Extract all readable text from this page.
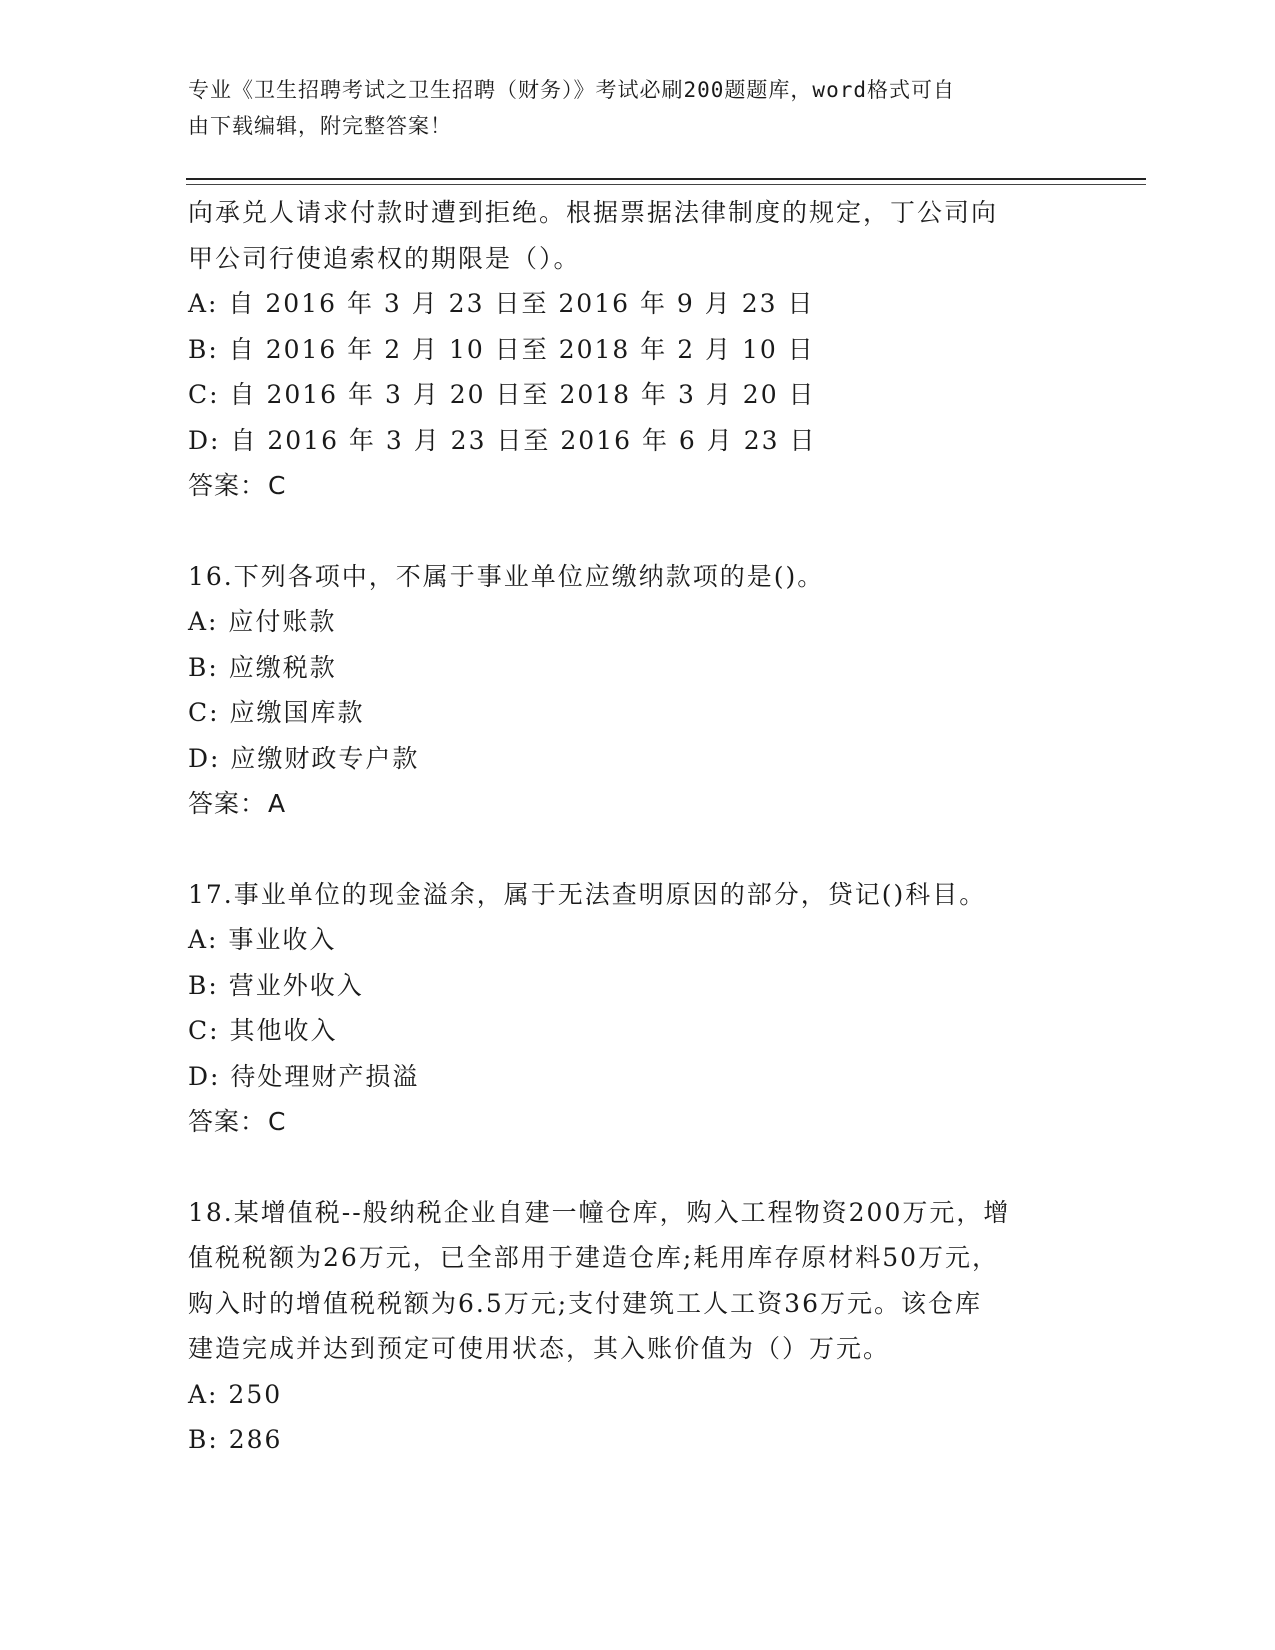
专业《卫生招聘考试之卫生招聘（财务）》考试必刷200题题库，word格式可自
由下载编辑，附完整答案！
向承兑人请求付款时遭到拒绝。根据票据法律制度的规定，丁公司向
甲公司行使追索权的期限是（）。
A: 自 2016 年 3 月 23 日至 2016 年 9 月 23 日
B: 自 2016 年 2 月 10 日至 2018 年 2 月 10 日
C: 自 2016 年 3 月 20 日至 2018 年 3 月 20 日
D: 自 2016 年 3 月 23 日至 2016 年 6 月 23 日
答案：C
16.下列各项中，不属于事业单位应缴纳款项的是()。
A: 应付账款
B: 应缴税款
C: 应缴国库款
D: 应缴财政专户款
答案：A
17.事业单位的现金溢余，属于无法查明原因的部分，贷记()科目。
A: 事业收入
B: 营业外收入
C: 其他收入
D: 待处理财产损溢
答案：C
18.某增值税--般纳税企业自建一幢仓库，购入工程物资200万元，增
值税税额为26万元，已全部用于建造仓库;耗用库存原材料50万元，
购入时的增值税税额为6.5万元;支付建筑工人工资36万元。该仓库
建造完成并达到预定可使用状态，其入账价值为（）万元。
A: 250
B: 286
